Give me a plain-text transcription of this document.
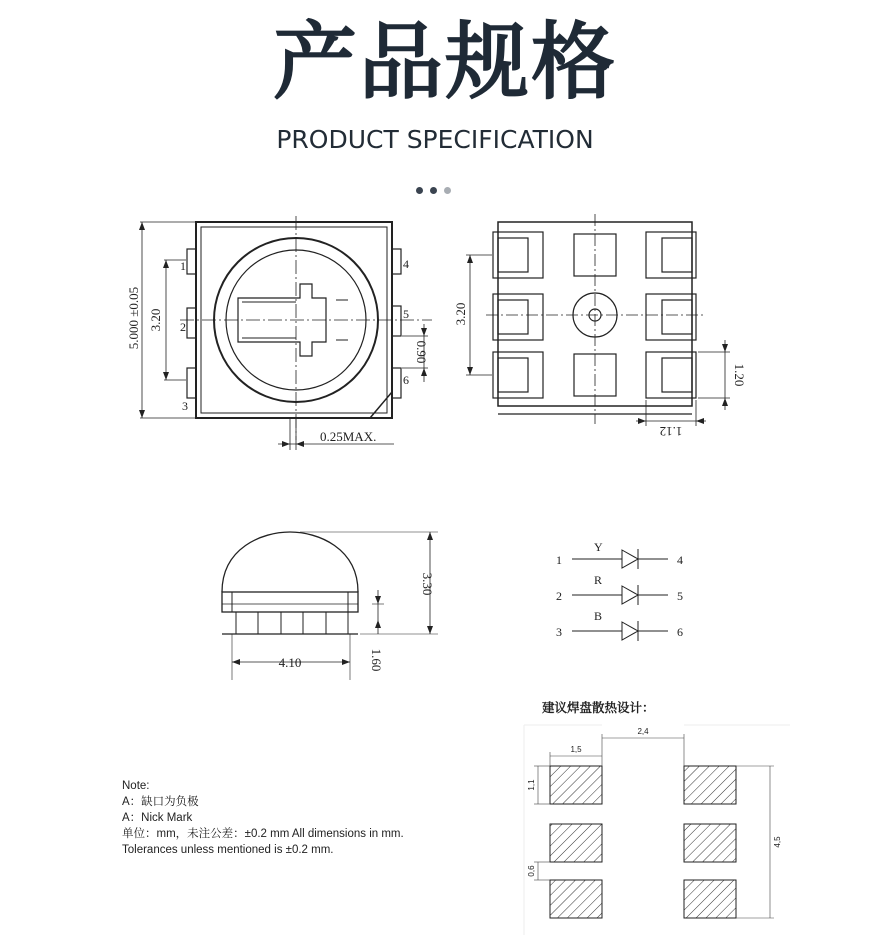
产品规格
PRODUCT SPECIFICATION
5.000 ±0.05 3.20
0.90
0.25MAX.
1
2
3
4
5
6
3.20
1.20
1.12
3.30
4.10	1.60
1
Y
4
2
R
5
3
B
6
2,4
1,5
1,1
0,6
4,5
建议焊盘散热设计：
Note:
A：缺口为负极
A：Nick Mark
单位：mm，未注公差：±0.2 mm All dimensions in mm.
Tolerances unless mentioned is ±0.2 mm.
